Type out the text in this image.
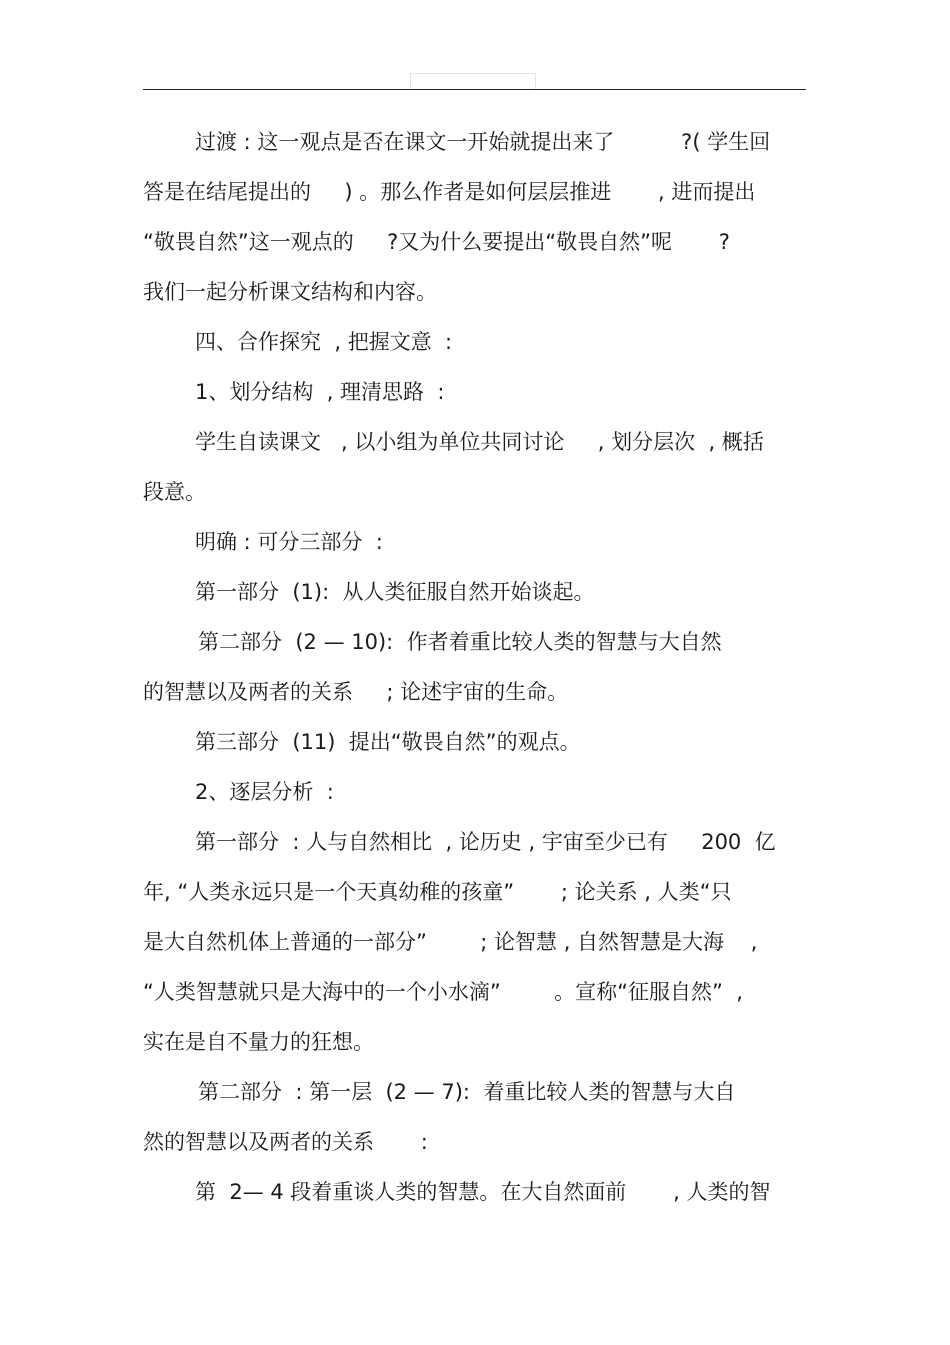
过渡 : 这一观点是否在课文一开始就提出来了          ?( 学生回
答是在结尾提出的     ) 。那么作者是如何层层推进       , 进而提出
“敬畏自然”这一观点的     ?又为什么要提出“敬畏自然”呢       ?
我们一起分析课文结构和内容。
四、合作探究  , 把握文意  :
1、划分结构  , 理清思路  :
学生自读课文   , 以小组为单位共同讨论     , 划分层次  , 概括
段意。
明确 : 可分三部分  :
第一部分  (1):  从人类征服自然开始谈起。
第二部分  (2 — 10):  作者着重比较人类的智慧与大自然
的智慧以及两者的关系     ; 论述宇宙的生命。
第三部分  (11)  提出“敬畏自然”的观点。
2、逐层分析  :
第一部分  : 人与自然相比  , 论历史 , 宇宙至少已有     200  亿
年, “人类永远只是一个天真幼稚的孩童”       ; 论关系 , 人类“只
是大自然机体上普通的一部分”        ; 论智慧 , 自然智慧是大海    ,
“人类智慧就只是大海中的一个小水滴”        。宣称“征服自然”  ,
实在是自不量力的狂想。
第二部分  : 第一层  (2 — 7):  着重比较人类的智慧与大自
然的智慧以及两者的关系       :
第  2— 4 段着重谈人类的智慧。在大自然面前       , 人类的智
